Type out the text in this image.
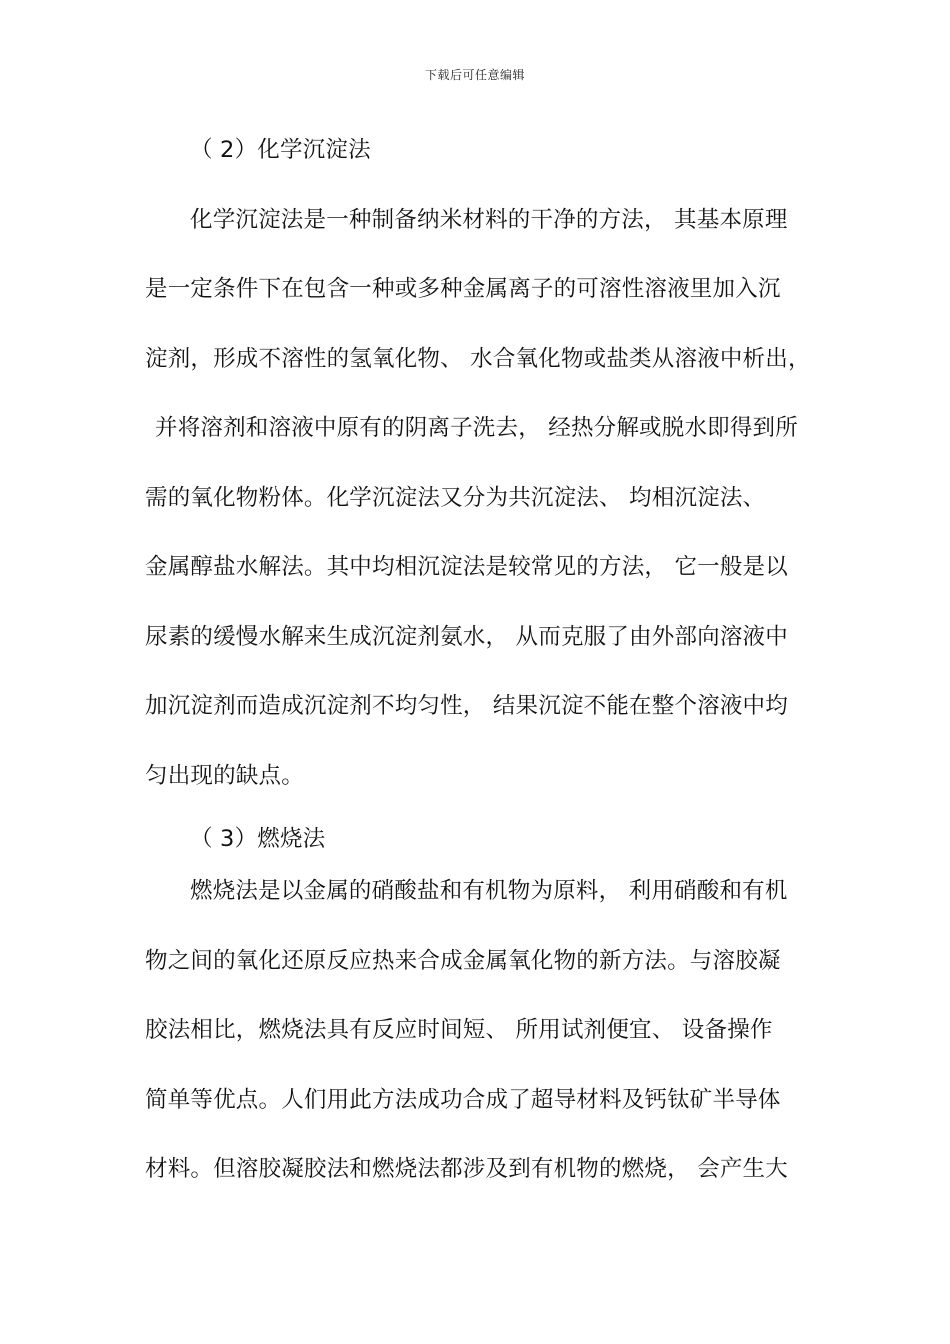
下载后可任意编辑
（ 2）化学沉淀法
化学沉淀法是一种制备纳米材料的干净的方法， 其基本原理
是一定条件下在包含一种或多种金属离子的可溶性溶液里加入沉
淀剂，形成不溶性的氢氧化物、 水合氧化物或盐类从溶液中析出，
并将溶剂和溶液中原有的阴离子洗去， 经热分解或脱水即得到所
需的氧化物粉体。化学沉淀法又分为共沉淀法、 均相沉淀法、
金属醇盐水解法。其中均相沉淀法是较常见的方法， 它一般是以
尿素的缓慢水解来生成沉淀剂氨水， 从而克服了由外部向溶液中
加沉淀剂而造成沉淀剂不均匀性， 结果沉淀不能在整个溶液中均
匀出现的缺点。
（ 3）燃烧法
燃烧法是以金属的硝酸盐和有机物为原料， 利用硝酸和有机
物之间的氧化还原反应热来合成金属氧化物的新方法。与溶胶凝
胶法相比，燃烧法具有反应时间短、 所用试剂便宜、 设备操作
简单等优点。人们用此方法成功合成了超导材料及钙钛矿半导体
材料。但溶胶凝胶法和燃烧法都涉及到有机物的燃烧， 会产生大
